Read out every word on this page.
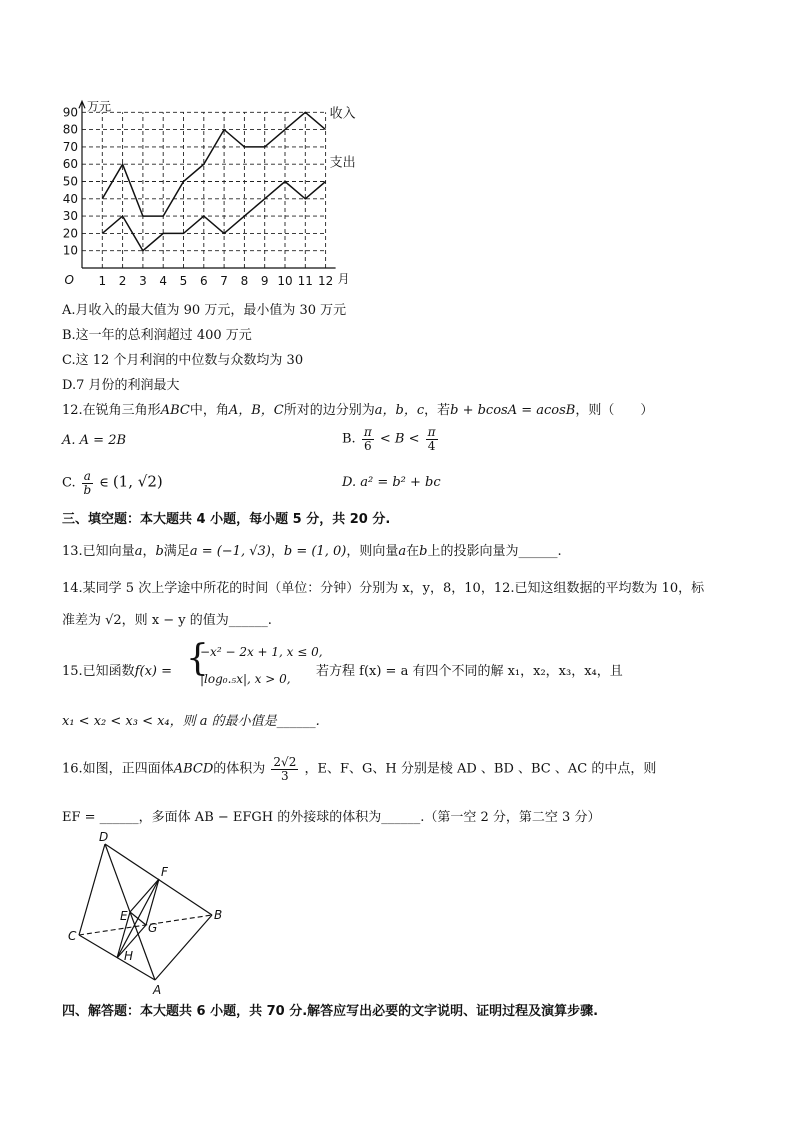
收入
支出
10
20
30
40
50
60
70
80
90
1 2 3 4 5 6 7 8 9 10 11 12
O
万元
月
A.月收入的最大值为 90 万元，最小值为 30 万元
B.这一年的总利润超过 400 万元
C.这 12 个月利润的中位数与众数均为 30
D.7 月份的利润最大
12.在锐角三角形ABC中，角A，B，C所对的边分别为a，b，c，若b + bcosA = acosB，则（　　）
A. A = 2B	B. $\frac{\pi}{6} < B < \frac{\pi}{4}$
C. $\frac{a}{b}$ ∈ (1, √2)	D. a² = b² + bc
三、填空题：本大题共 4 小题，每小题 5 分，共 20 分.
13.已知向量a，b满足a = (−1, √3)，b = (1, 0)，则向量a在b上的投影向量为______.
14.某同学 5 次上学途中所花的时间（单位：分钟）分别为 x，y，8，10，12.已知这组数据的平均数为 10，标
准差为 √2，则 x − y 的值为______.
15.已知函数f(x) = {
−x² − 2x + 1, x ≤ 0,
|log₀.₅x|, x > 0, 若方程 f(x) = a 有四个不同的解 x₁，x₂，x₃，x₄，且
x₁ < x₂ < x₃ < x₄，则 a 的最小值是______.
16.如图，正四面体ABCD的体积为 $\frac{2√2}{3}$ ，E、F、G、H 分别是棱 AD 、BD 、BC 、AC 的中点，则
EF = ______，多面体 AB − EFGH 的外接球的体积为______.（第一空 2 分，第二空 3 分）
D
F
E	B
C
G
H
A
四、解答题：本大题共 6 小题，共 70 分.解答应写出必要的文字说明、证明过程及演算步骤.
